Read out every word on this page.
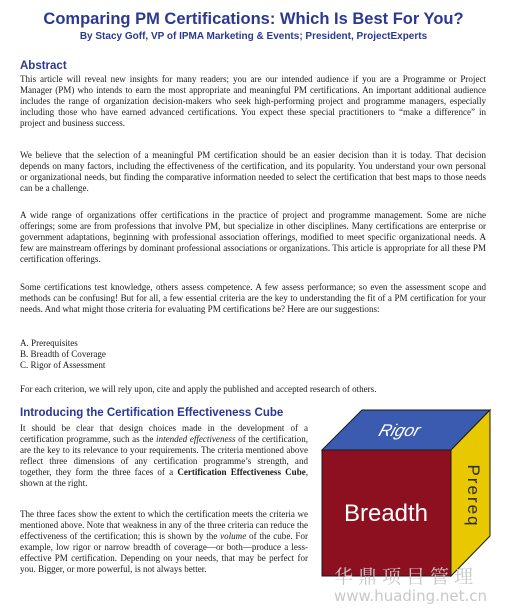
Comparing PM Certifications: Which Is Best For You?
By Stacy Goff, VP of IPMA Marketing & Events; President, ProjectExperts
Abstract

This article will reveal new insights for many readers; you are our intended audience if you are a Programme or Project Manager (PM) who intends to earn the most appropriate and meaningful PM certifications. An important additional audience includes the range of organization decision-makers who seek high-performing project and programme managers, especially including those who have earned advanced certifications. You expect these special practitioners to “make a difference” in project and business success.

We believe that the selection of a meaningful PM certification should be an easier decision than it is today. That decision depends on many factors, including the effectiveness of the certification, and its popularity. You understand your own personal or organizational needs, but finding the comparative information needed to select the certification that best maps to those needs can be a challenge.

A wide range of organizations offer certifications in the practice of project and programme management. Some are niche offerings; some are from professions that involve PM, but specialize in other disciplines. Many certifications are enterprise or government adaptations, beginning with professional association offerings, modified to meet specific organizational needs. A few are mainstream offerings by dominant professional associations or organizations. This article is appropriate for all these PM certification offerings.

Some certifications test knowledge, others assess competence. A few assess performance; so even the assessment scope and methods can be confusing! But for all, a few essential criteria are the key to understanding the fit of a PM certification for your needs. And what might those criteria for evaluating PM certifications be? Here are our suggestions:

A. Prerequisites
B. Breadth of Coverage
C. Rigor of Assessment

For each criterion, we will rely upon, cite and apply the published and accepted research of others.

Introducing the Certification Effectiveness Cube

It should be clear that design choices made in the development of a certification programme, such as the intended effectiveness of the certification, are the key to its relevance to your requirements. The criteria mentioned above reflect three dimensions of any certification programme’s strength, and together, they form the three faces of a Certification Effectiveness Cube, shown at the right.

The three faces show the extent to which the certification meets the criteria we mentioned above. Note that weakness in any of the three criteria can reduce the effectiveness of the certification; this is shown by the volume of the cube. For example, low rigor or narrow breadth of coverage—or both—produce a less-effective PM certification. Depending on your needs, that may be perfect for you. Bigger, or more powerful, is not always better.

Rigor
Breadth Prereq
华鼎项目管理
www.huading.net.cn
